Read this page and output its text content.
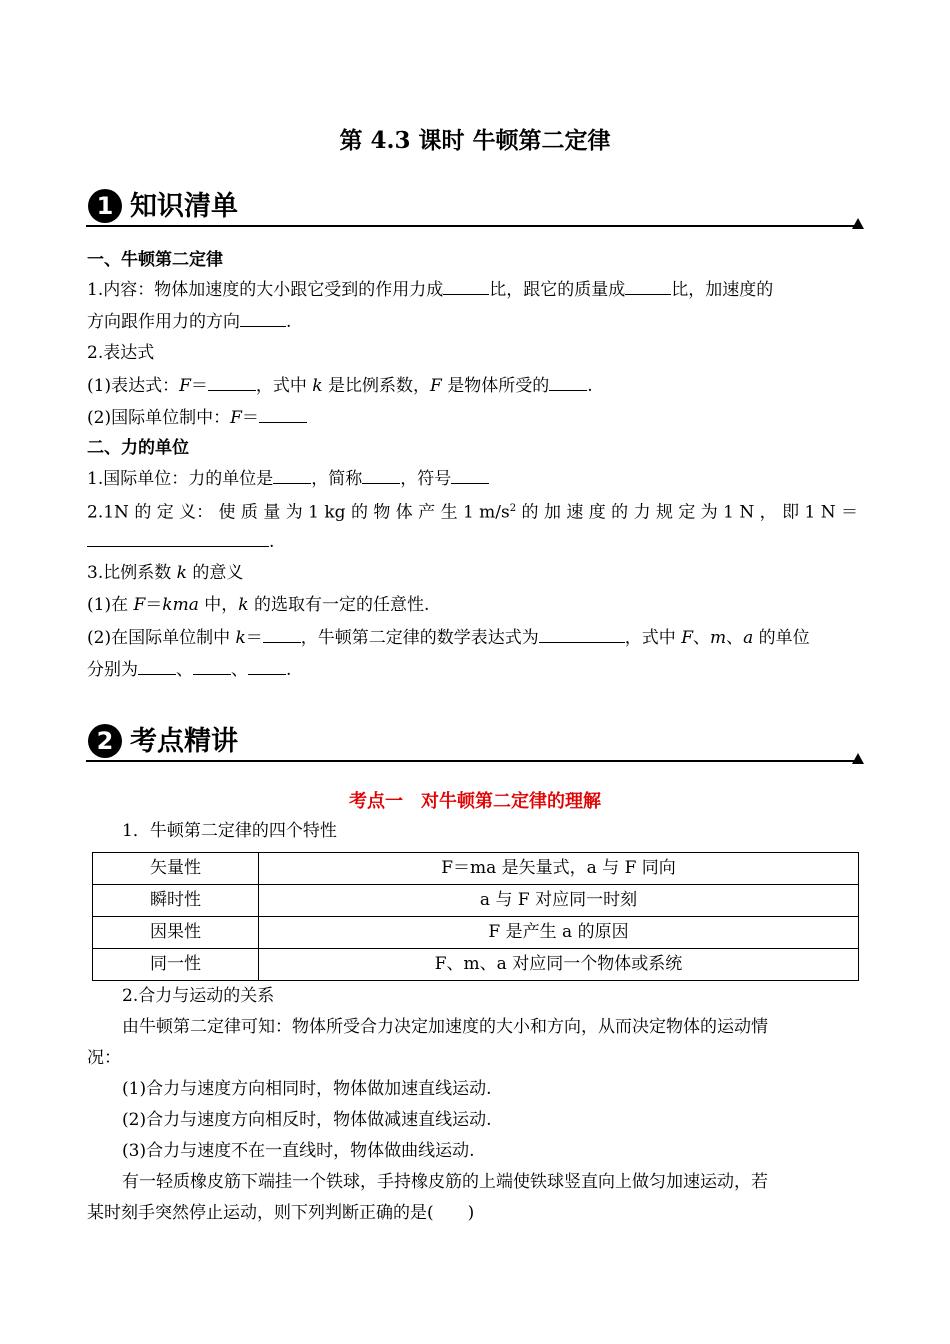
第 4.3 课时 牛顿第二定律
1 知识清单
一、牛顿第二定律
1.内容：物体加速度的大小跟它受到的作用力成	比，跟它的质量成	比，加速度的
方向跟作用力的方向	.
2.表达式
(1)表达式：F＝	，式中 k 是比例系数，F 是物体所受的 .
(2)国际单位制中：F＝
二、力的单位
1.国际单位：力的单位是 ，简称 ，符号
2.1N 的 定 义： 使 质 量 为 1 kg 的 物 体 产 生 1 $m/s^2$ 的 加 速 度 的 力 规 定 为 1 N ， 即 1 N ＝
.
3.比例系数 k 的意义
(1)在 F＝kma 中，k 的选取有一定的任意性.
(2)在国际单位制中 k＝ ，牛顿第二定律的数学表达式为	，式中 F、m、a 的单位
分别为 、 、 .
2 考点精讲
考点一　对牛顿第二定律的理解
1．牛顿第二定律的四个特性
矢量性	F＝ma 是矢量式，a 与 F 同向
瞬时性	a 与 F 对应同一时刻
因果性	F 是产生 a 的原因
同一性	F、m、a 对应同一个物体或系统
2.合力与运动的关系
由牛顿第二定律可知：物体所受合力决定加速度的大小和方向，从而决定物体的运动情
况：
(1)合力与速度方向相同时，物体做加速直线运动.
(2)合力与速度方向相反时，物体做减速直线运动.
(3)合力与速度不在一直线时，物体做曲线运动.
有一轻质橡皮筋下端挂一个铁球，手持橡皮筋的上端使铁球竖直向上做匀加速运动，若
某时刻手突然停止运动，则下列判断正确的是(　　)
